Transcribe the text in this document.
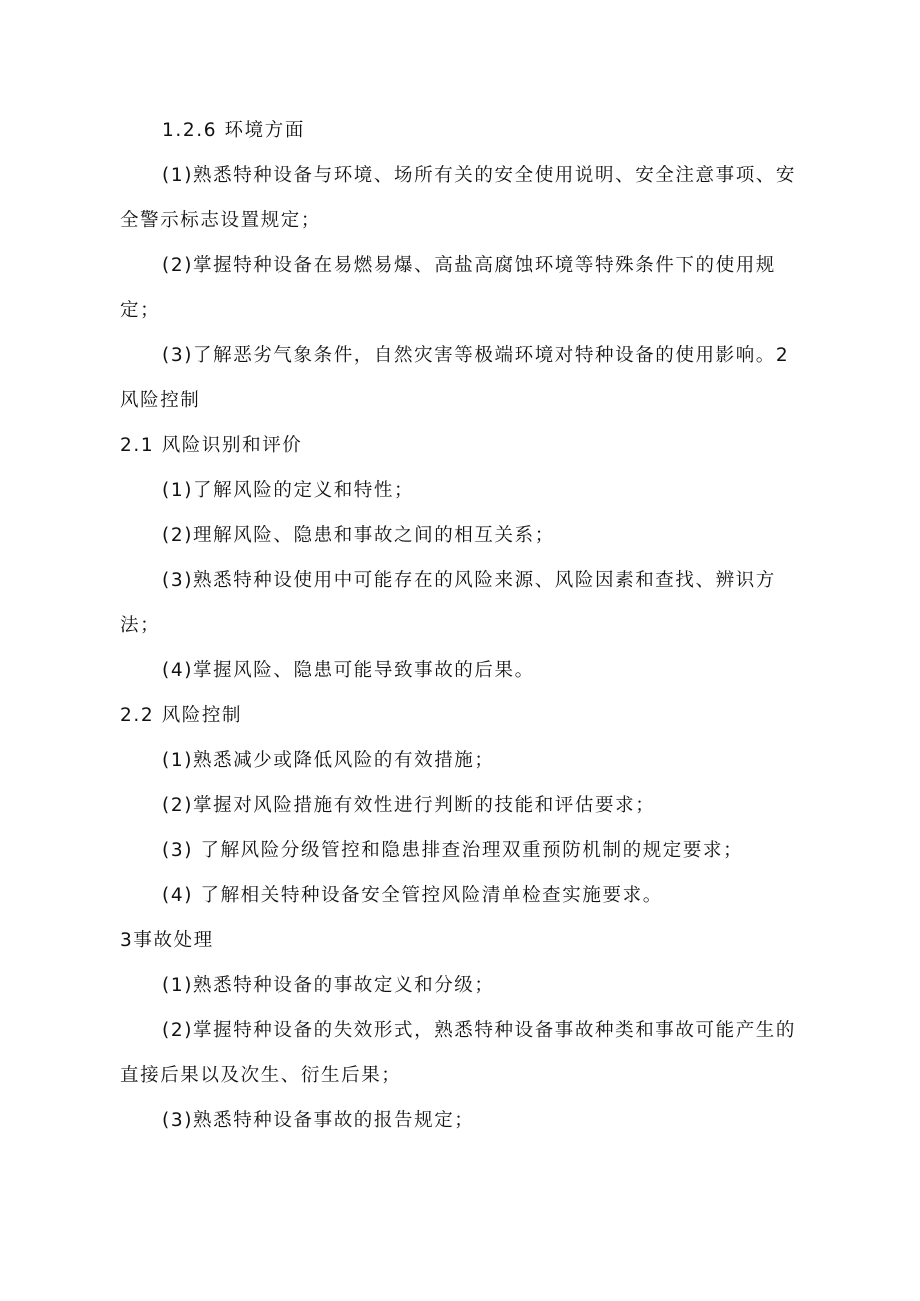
1.2.6 环境方面
(1)熟悉特种设备与环境、场所有关的安全使用说明、安全注意事项、安
全警示标志设置规定；
(2)掌握特种设备在易燃易爆、高盐高腐蚀环境等特殊条件下的使用规
定；
(3)了解恶劣气象条件，自然灾害等极端环境对特种设备的使用影响。2
风险控制
2.1 风险识别和评价
(1)了解风险的定义和特性；
(2)理解风险、隐患和事故之间的相互关系；
(3)熟悉特种设使用中可能存在的风险来源、风险因素和查找、辨识方
法；
(4)掌握风险、隐患可能导致事故的后果。
2.2 风险控制
(1)熟悉减少或降低风险的有效措施；
(2)掌握对风险措施有效性进行判断的技能和评估要求；
(3) 了解风险分级管控和隐患排查治理双重预防机制的规定要求；
(4) 了解相关特种设备安全管控风险清单检查实施要求。
3事故处理
(1)熟悉特种设备的事故定义和分级；
(2)掌握特种设备的失效形式，熟悉特种设备事故种类和事故可能产生的
直接后果以及次生、衍生后果；
(3)熟悉特种设备事故的报告规定；
